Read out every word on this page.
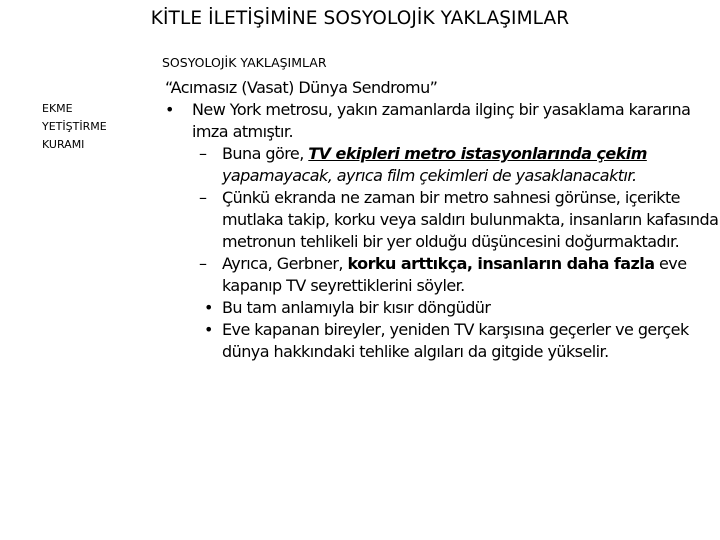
KİTLE İLETİŞİMİNE SOSYOLOJİK YAKLAŞIMLAR
SOSYOLOJİK YAKLAŞIMLAR
EKME
YETİŞTİRME
KURAMI
“Acımasız (Vasat) Dünya Sendromu”
• New York metrosu, yakın zamanlarda ilginç bir yasaklama kararına imza atmıştır.
– Buna göre, TV ekipleri metro istasyonlarında çekim yapamayacak, ayrıca film çekimleri de yasaklanacaktır.
– Çünkü ekranda ne zaman bir metro sahnesi görünse, içerikte mutlaka takip, korku veya saldırı bulunmakta, insanların kafasında metronun tehlikeli bir yer olduğu düşüncesini doğurmaktadır.
– Ayrıca, Gerbner, korku arttıkça, insanların daha fazla eve kapanıp TV seyrettiklerini söyler.
• Bu tam anlamıyla bir kısır döngüdür
• Eve kapanan bireyler, yeniden TV karşısına geçerler ve gerçek dünya hakkındaki tehlike algıları da gitgide yükselir.
